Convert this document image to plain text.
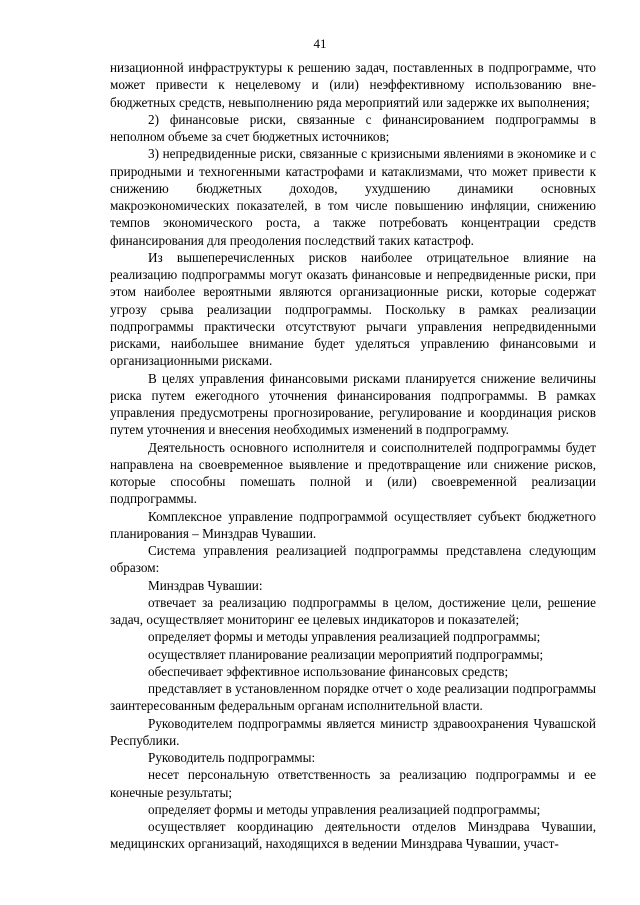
41

низационной инфраструктуры к решению задач, поставленных в подпрограмме, что может привести к нецелевому и (или) неэффективному использованию вне-бюджетных средств, невыполнению ряда мероприятий или задержке их выполнения;

2) финансовые риски, связанные с финансированием подпрограммы в неполном объеме за счет бюджетных источников;

3) непредвиденные риски, связанные с кризисными явлениями в экономике и с природными и техногенными катастрофами и катаклизмами, что может привести к снижению бюджетных доходов, ухудшению динамики основных макроэкономических показателей, в том числе повышению инфляции, снижению темпов экономического роста, а также потребовать концентрации средств финансирования для преодоления последствий таких катастроф.

Из вышеперечисленных рисков наиболее отрицательное влияние на реализацию подпрограммы могут оказать финансовые и непредвиденные риски, при этом наиболее вероятными являются организационные риски, которые содержат угрозу срыва реализации подпрограммы. Поскольку в рамках реализации подпрограммы практически отсутствуют рычаги управления непредвиденными рисками, наибольшее внимание будет уделяться управлению финансовыми и организационными рисками.

В целях управления финансовыми рисками планируется снижение величины риска путем ежегодного уточнения финансирования подпрограммы. В рамках управления предусмотрены прогнозирование, регулирование и координация рисков путем уточнения и внесения необходимых изменений в подпрограмму.

Деятельность основного исполнителя и соисполнителей подпрограммы будет направлена на своевременное выявление и предотвращение или снижение рисков, которые способны помешать полной и (или) своевременной реализации подпрограммы.

Комплексное управление подпрограммой осуществляет субъект бюджетного планирования – Минздрав Чувашии.

Система управления реализацией подпрограммы представлена следующим образом:

Минздрав Чувашии:

отвечает за реализацию подпрограммы в целом, достижение цели, решение задач, осуществляет мониторинг ее целевых индикаторов и показателей;

определяет формы и методы управления реализацией подпрограммы;

осуществляет планирование реализации мероприятий подпрограммы;

обеспечивает эффективное использование финансовых средств;

представляет в установленном порядке отчет о ходе реализации подпрограммы заинтересованным федеральным органам исполнительной власти.

Руководителем подпрограммы является министр здравоохранения Чувашской Республики.

Руководитель подпрограммы:

несет персональную ответственность за реализацию подпрограммы и ее конечные результаты;

определяет формы и методы управления реализацией подпрограммы;

осуществляет координацию деятельности отделов Минздрава Чувашии, медицинских организаций, находящихся в ведении Минздрава Чувашии, участ-
